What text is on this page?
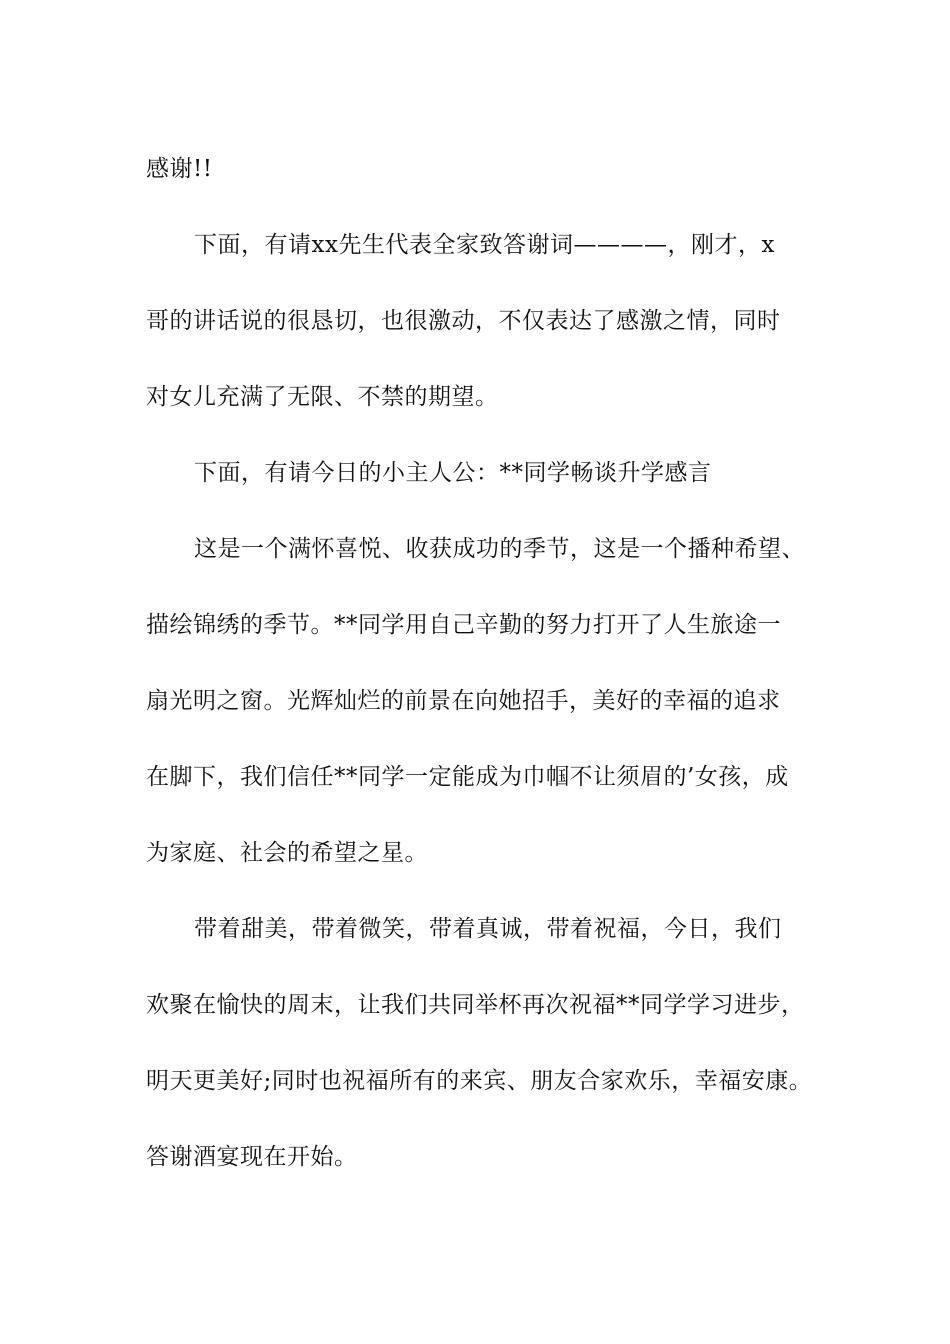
感谢!!

下面，有请xx先生代表全家致答谢词————，刚才，x
哥的讲话说的很恳切，也很激动，不仅表达了感激之情，同时
对女儿充满了无限、不禁的期望。

下面，有请今日的小主人公：**同学畅谈升学感言

这是一个满怀喜悦、收获成功的季节，这是一个播种希望、
描绘锦绣的季节。**同学用自己辛勤的努力打开了人生旅途一
扇光明之窗。光辉灿烂的前景在向她招手，美好的幸福的追求
在脚下，我们信任**同学一定能成为巾帼不让须眉的’女孩，成
为家庭、社会的希望之星。

带着甜美，带着微笑，带着真诚，带着祝福，今日，我们
欢聚在愉快的周末，让我们共同举杯再次祝福**同学学习进步，
明天更美好;同时也祝福所有的来宾、朋友合家欢乐，幸福安康。
答谢酒宴现在开始。
